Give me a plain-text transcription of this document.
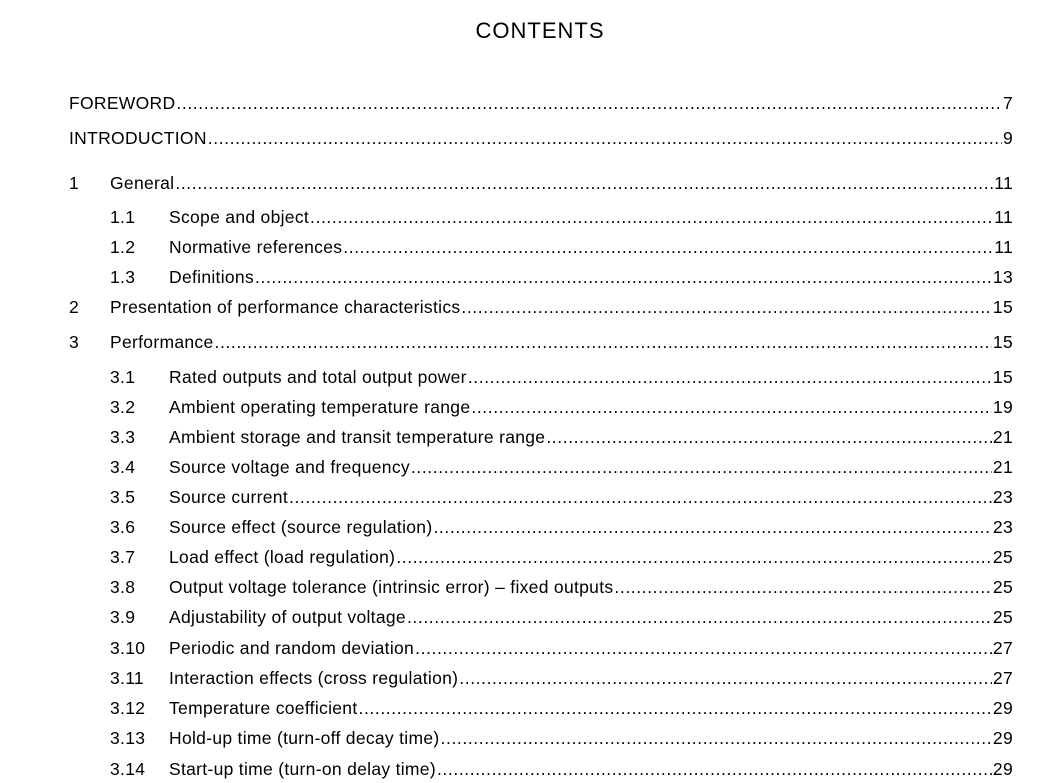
CONTENTS
FOREWORD .....	7
INTRODUCTION .....	9
1	General .....	11
1.1	Scope and object .....	11
1.2	Normative references .....	11
1.3	Definitions .....	13
2	Presentation of performance characteristics .....	15
3	Performance .....	15
3.1	Rated outputs and total output power .....	15
3.2	Ambient operating temperature range .....	19
3.3	Ambient storage and transit temperature range .....	21
3.4	Source voltage and frequency .....	21
3.5	Source current .....	23
3.6	Source effect (source regulation) .....	23
3.7	Load effect (load regulation) .....	25
3.8	Output voltage tolerance (intrinsic error) – fixed outputs .....	25
3.9	Adjustability of output voltage .....	25
3.10	Periodic and random deviation .....	27
3.11	Interaction effects (cross regulation) .....	27
3.12	Temperature coefficient .....	29
3.13	Hold-up time (turn-off decay time) .....	29
3.14	Start-up time (turn-on delay time) .....	29
